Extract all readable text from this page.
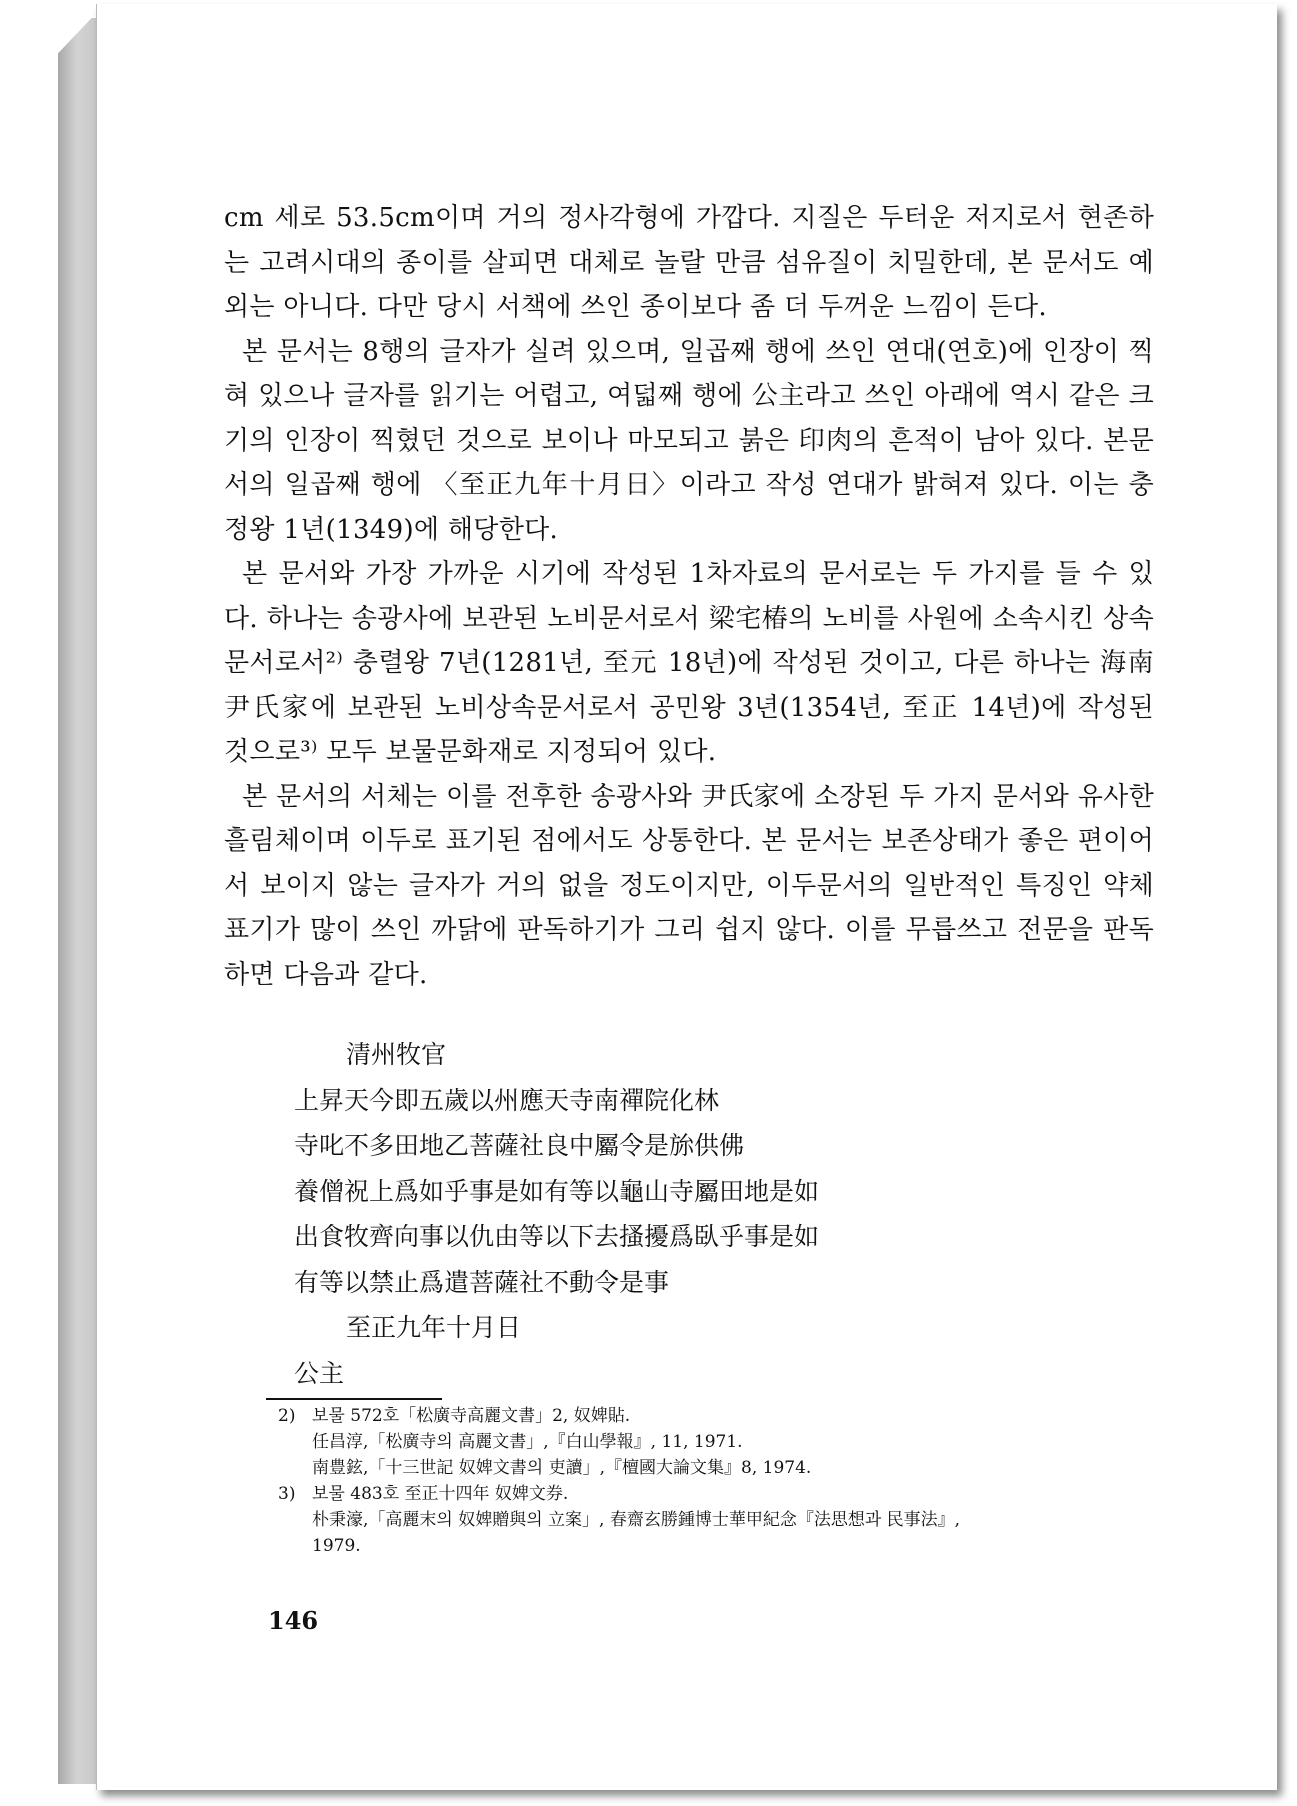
cm 세로 53.5cm이며 거의 정사각형에 가깝다. 지질은 두터운 저지로서 현존하는 고려시대의 종이를 살피면 대체로 놀랄 만큼 섬유질이 치밀한데, 본 문서도 예외는 아니다. 다만 당시 서책에 쓰인 종이보다 좀 더 두꺼운 느낌이 든다.

본 문서는 8행의 글자가 실려 있으며, 일곱째 행에 쓰인 연대(연호)에 인장이 찍혀 있으나 글자를 읽기는 어렵고, 여덟째 행에 公主라고 쓰인 아래에 역시 같은 크기의 인장이 찍혔던 것으로 보이나 마모되고 붉은 印肉의 흔적이 남아 있다. 본문서의 일곱째 행에 〈至正九年十月日〉이라고 작성 연대가 밝혀져 있다. 이는 충정왕 1년(1349)에 해당한다.

본 문서와 가장 가까운 시기에 작성된 1차자료의 문서로는 두 가지를 들 수 있다. 하나는 송광사에 보관된 노비문서로서 梁宅椿의 노비를 사원에 소속시킨 상속문서로서²⁾ 충렬왕 7년(1281년, 至元 18년)에 작성된 것이고, 다른 하나는 海南尹氏家에 보관된 노비상속문서로서 공민왕 3년(1354년, 至正 14년)에 작성된 것으로³⁾ 모두 보물문화재로 지정되어 있다.

본 문서의 서체는 이를 전후한 송광사와 尹氏家에 소장된 두 가지 문서와 유사한 흘림체이며 이두로 표기된 점에서도 상통한다. 본 문서는 보존상태가 좋은 편이어서 보이지 않는 글자가 거의 없을 정도이지만, 이두문서의 일반적인 특징인 약체표기가 많이 쓰인 까닭에 판독하기가 그리 쉽지 않다. 이를 무릅쓰고 전문을 판독하면 다음과 같다.

清州牧官
上昇天今即五歲以州應天寺南禪院化林
寺叱不多田地乙菩薩社良中屬令是旀供佛
養僧祝上爲如乎事是如有等以龜山寺屬田地是如
出食牧齊向事以仇由等以下去搔擾爲臥乎事是如
有等以禁止爲遣菩薩社不動令是事
至正九年十月日
公主
2) 보물 572호「松廣寺高麗文書」2, 奴婢貼.
任昌淳,「松廣寺의 高麗文書」,『白山學報』, 11, 1971.
南豊鉉,「十三世記 奴婢文書의 吏讀」,『檀國大論文集』8, 1974.
3) 보물 483호 至正十四年 奴婢文券.
朴秉濠,「高麗末의 奴婢贈與의 立案」, 春齋玄勝鍾博士華甲紀念『法思想과 民事法』,
1979.
146
